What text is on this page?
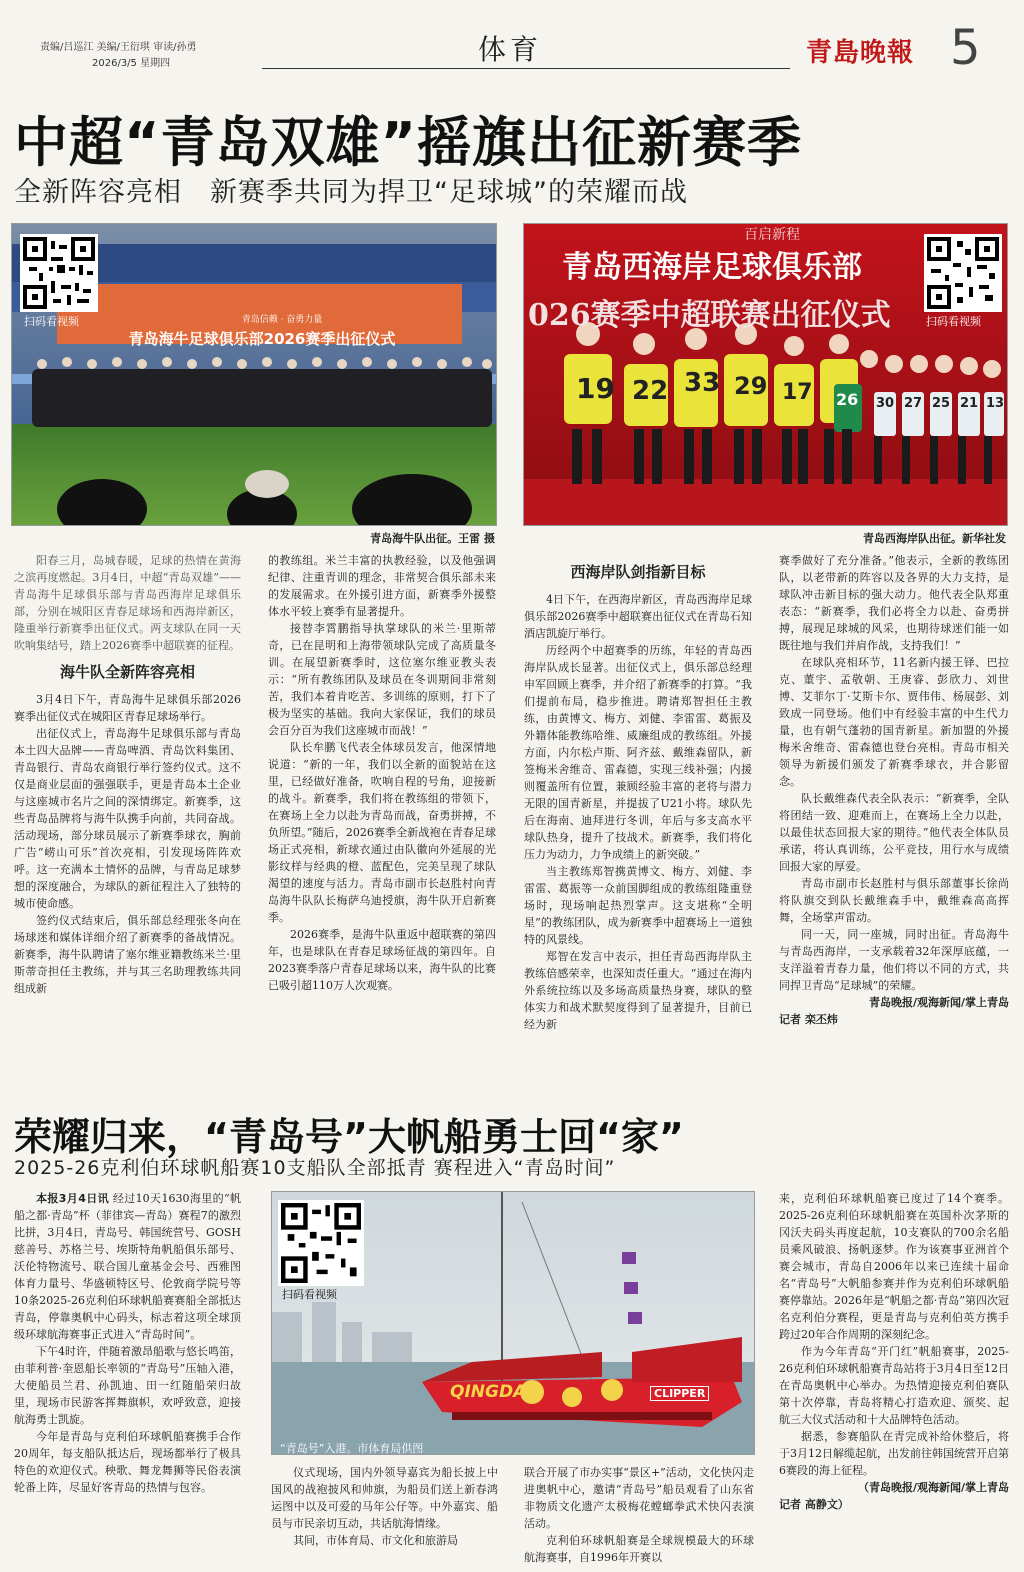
责编/吕巡江 美编/王衍琪 审读/孙勇
2026/3/5 星期四	体育	青島晚報 5
中超“青岛双雄”摇旗出征新赛季
全新阵容亮相　新赛季共同为捍卫“足球城”的荣耀而战
青岛信赖 · 奋勇力量
青岛海牛足球俱乐部2026赛季出征仪式
扫码看视频
青岛海牛队出征。王雷 摄
百启新程
青岛西海岸足球俱乐部
026赛季中超联赛出征仪式
19 22 33 29 17 26 30 27 25 21 13
扫码看视频
青岛西海岸队出征。新华社发

阳春三月，岛城春暖，足球的热情在黄海之滨再度燃起。3月4日，中超“青岛双雄”——青岛海牛足球俱乐部与青岛西海岸足球俱乐部，分别在城阳区青春足球场和西海岸新区，隆重举行新赛季出征仪式。两支球队在同一天吹响集结号，踏上2026赛季中超联赛的征程。

海牛队全新阵容亮相

3月4日下午，青岛海牛足球俱乐部2026赛季出征仪式在城阳区青春足球场举行。

出征仪式上，青岛海牛足球俱乐部与青岛本土四大品牌——青岛啤酒、青岛饮料集团、青岛银行、青岛农商银行举行签约仪式。这不仅是商业层面的强强联手，更是青岛本土企业与这座城市名片之间的深情绑定。新赛季，这些青岛品牌将与海牛队携手向前，共同奋战。活动现场，部分球员展示了新赛季球衣，胸前广告“崂山可乐”首次亮相，引发现场阵阵欢呼。这一充满本土情怀的品牌，与青岛足球梦想的深度融合，为球队的新征程注入了独特的城市使命感。

签约仪式结束后，俱乐部总经理张冬向在场球迷和媒体详细介绍了新赛季的备战情况。新赛季，海牛队聘请了塞尔维亚籍教练米兰·里斯蒂奇担任主教练，并与其三名助理教练共同组成新

的教练组。米兰丰富的执教经验，以及他强调纪律、注重青训的理念，非常契合俱乐部未来的发展需求。在外援引进方面，新赛季外援整体水平较上赛季有显著提升。

接替李霄鹏指导执掌球队的米兰·里斯蒂奇，已在昆明和上海带领球队完成了高质量冬训。在展望新赛季时，这位塞尔维亚教头表示：“所有教练团队及球员在冬训期间非常刻苦，我们本着肯吃苦、多训练的原则，打下了极为坚实的基础。我向大家保证，我们的球员会百分百为我们这座城市而战！”

队长牟鹏飞代表全体球员发言，他深情地说道：“新的一年，我们以全新的面貌站在这里，已经做好准备，吹响自程的号角，迎接新的战斗。新赛季，我们将在教练组的带领下，在赛场上全力以赴为青岛而战，奋勇拼搏，不负所望。”随后，2026赛季全新战袍在青春足球场正式亮相，新球衣通过由队徽向外延展的光影纹样与经典的橙、蓝配色，完美呈现了球队渴望的速度与活力。青岛市副市长赵胜村向青岛海牛队队长梅萨乌迪授旗，海牛队开启新赛季。

2026赛季，是海牛队重返中超联赛的第四年，也是球队在青春足球场征战的第四年。自2023赛季落户青春足球场以来，海牛队的比赛已吸引超110万人次观赛。

西海岸队剑指新目标

4日下午，在西海岸新区，青岛西海岸足球俱乐部2026赛季中超联赛出征仪式在青岛石知酒店凯旋厅举行。

历经两个中超赛季的历练，年轻的青岛西海岸队成长显著。出征仪式上，俱乐部总经理申军回顾上赛季，并介绍了新赛季的打算。“我们提前布局，稳步推进。聘请郑智担任主教练，由黄博文、梅方、刘健、李雷雷、葛振及外籍体能教练哈维、威廉组成的教练组。外援方面，内尔松卢斯、阿齐兹、戴维森留队，新签梅米舍维奇、雷森德，实现三线补强；内援则覆盖所有位置，兼顾经验丰富的老将与潜力无限的国青新星，并提拔了U21小将。球队先后在海南、迪拜进行冬训，年后与多支高水平球队热身，提升了技战术。新赛季，我们将化压力为动力，力争成绩上的新突破。”

当主教练郑智携黄博文、梅方、刘健、李雷雷、葛振等一众前国脚组成的教练组隆重登场时，现场响起热烈掌声。这支堪称“全明星”的教练团队，成为新赛季中超赛场上一道独特的风景线。

郑智在发言中表示，担任青岛西海岸队主教练倍感荣幸，也深知责任重大。“通过在海内外系统拉练以及多场高质量热身赛，球队的整体实力和战术默契度得到了显著提升，目前已经为新

赛季做好了充分准备。”他表示，全新的教练团队，以老带新的阵容以及各界的大力支持，是球队冲击新目标的强大动力。他代表全队郑重表态：“新赛季，我们必将全力以赴、奋勇拼搏，展现足球城的风采，也期待球迷们能一如既往地与我们并肩作战，支持我们！”

在球队亮相环节，11名新内援王铎、巴拉克、董宇、孟敬朝、王庚睿、彭欣力、刘世博、艾菲尔丁·艾斯卡尔、贾伟伟、杨展彭、刘致成一同登场。他们中有经验丰富的中生代力量，也有朝气蓬勃的国青新星。新加盟的外援梅米舍维奇、雷森德也登台亮相。青岛市相关领导为新援们颁发了新赛季球衣，并合影留念。

队长戴维森代表全队表示：“新赛季，全队将团结一致、迎难而上，在赛场上全力以赴，以最佳状态回报大家的期待。”他代表全体队员承诺，将认真训练，公平竞技，用行水与成绩回报大家的厚爱。

青岛市副市长赵胜村与俱乐部董事长徐尚将队旗交到队长戴维森手中，戴维森高高挥舞，全场掌声雷动。

同一天，同一座城，同时出征。青岛海牛与青岛西海岸，一支承载着32年深厚底蕴，一支洋溢着青春力量，他们将以不同的方式，共同捍卫青岛“足球城”的荣耀。

青岛晚报/观海新闻/掌上青岛

记者 栾丕炜

荣耀归来，“青岛号”大帆船勇士回“家”
2025-26克利伯环球帆船赛10支船队全部抵青 赛程进入“青岛时间”
QINGDAO	CLIPPER
扫码看视频
“青岛号”入港。市体育局供图

本报3月4日讯 经过10天1630海里的“帆船之都·青岛”杯（菲律宾—青岛）赛程7的激烈比拼，3月4日，青岛号、韩国统营号、GOSH慈善号、苏格兰号、埃斯特角帆船俱乐部号、沃伦特物流号、联合国儿童基金会号、西雅图体育力量号、华盛顿特区号、伦敦商学院号等10条2025-26克利伯环球帆船赛赛船全部抵达青岛，停靠奥帆中心码头，标志着这项全球顶级环球航海赛事正式进入“青岛时间”。

下午4时许，伴随着激昂船歌与悠长鸣笛，由菲利普·奎恩船长率领的“青岛号”压轴入港，大使船员兰君、孙凯迪、田一红随船荣归故里，现场市民游客挥舞旗帜，欢呼致意，迎接航海勇士凯旋。

今年是青岛与克利伯环球帆船赛携手合作20周年，每支船队抵达后，现场都举行了极具特色的欢迎仪式。秧歌、舞龙舞狮等民俗表演轮番上阵，尽显好客青岛的热情与包容。

仪式现场，国内外领导嘉宾为船长披上中国风的战袍披风和帅旗，为船员们送上新春鸿运图中以及可爱的马年公仔等。中外嘉宾、船员与市民亲切互动，共话航海情缘。

其间，市体育局、市文化和旅游局

联合开展了市办实事“景区+”活动，文化快闪走进奥帆中心，邀请“青岛号”船员观看了山东省非物质文化遗产太极梅花螳螂拳武术快闪表演活动。

克利伯环球帆船赛是全球规模最大的环球航海赛事，自1996年开赛以

来，克利伯环球帆船赛已度过了14个赛季。2025-26克利伯环球帆船赛在英国朴次茅斯的冈沃夫码头再度起航，10支赛队的700余名船员乘风破浪、扬帆逐梦。作为该赛事亚洲首个赛会城市，青岛自2006年以来已连续十届命名“青岛号”大帆船参赛并作为克利伯环球帆船赛停靠站。2026年是“帆船之都·青岛”第四次冠名克利伯分赛程，更是青岛与克利伯英方携手跨过20年合作周期的深刻纪念。

作为今年青岛“开门红”帆船赛事，2025-26克利伯环球帆船赛青岛站将于3月4日至12日在青岛奥帆中心举办。为热情迎接克利伯赛队第十次停靠，青岛将精心打造欢迎、颁奖、起航三大仪式活动和十大品牌特色活动。

据悉，参赛船队在青完成补给休整后，将于3月12日解缆起航，出发前往韩国统营开启第6赛段的海上征程。

（青岛晚报/观海新闻/掌上青岛

记者 高静文）
